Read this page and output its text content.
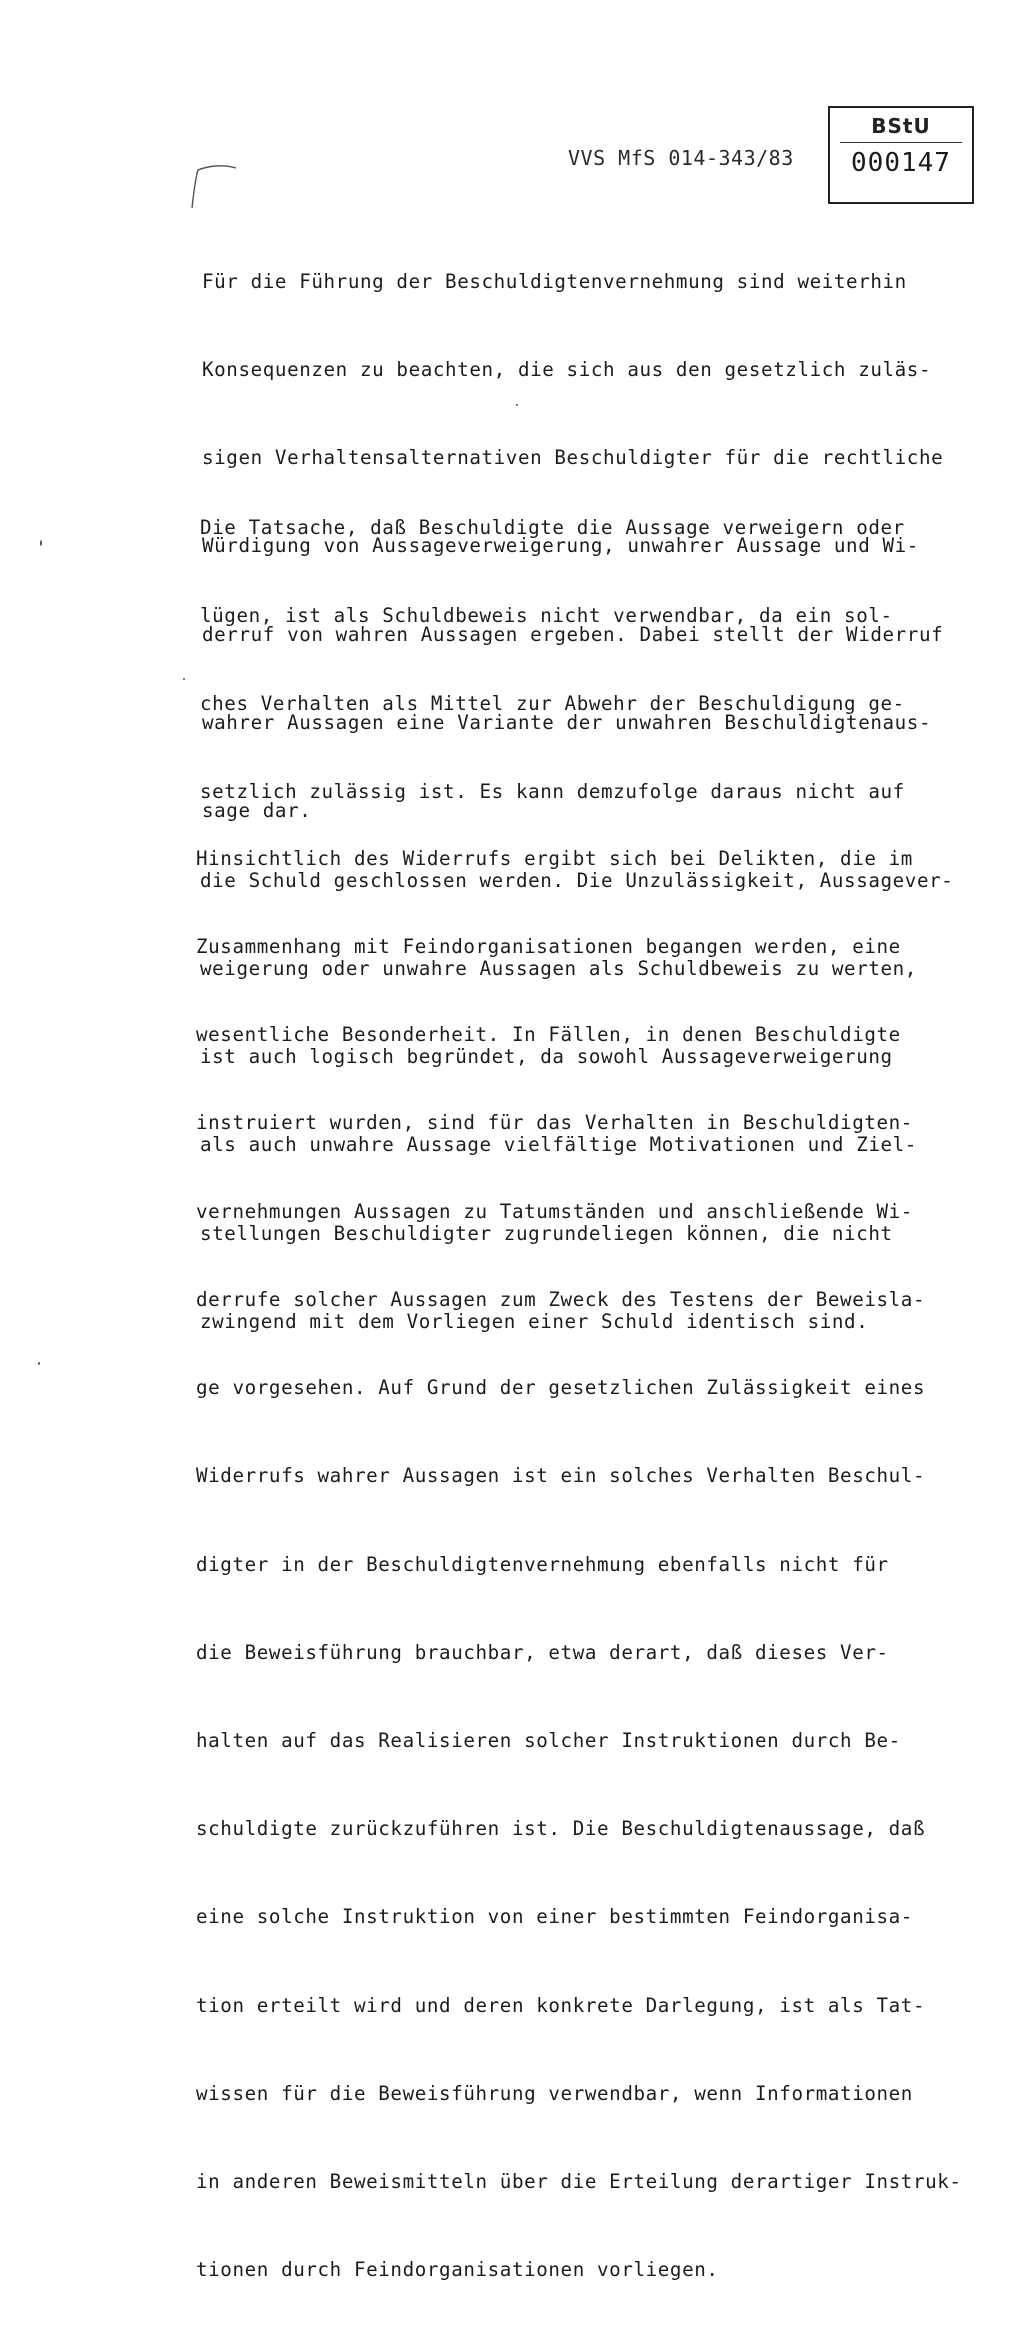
VVS MfS 014-343/83
BStU
000147

Für die Führung der Beschuldigtenvernehmung sind weiterhin

Konsequenzen zu beachten, die sich aus den gesetzlich zuläs-

sigen Verhaltensalternativen Beschuldigter für die rechtliche

Würdigung von Aussageverweigerung, unwahrer Aussage und Wi-

derruf von wahren Aussagen ergeben. Dabei stellt der Widerruf

wahrer Aussagen eine Variante der unwahren Beschuldigtenaus-

sage dar.

Die Tatsache, daß Beschuldigte die Aussage verweigern oder

lügen, ist als Schuldbeweis nicht verwendbar, da ein sol-

ches Verhalten als Mittel zur Abwehr der Beschuldigung ge-

setzlich zulässig ist. Es kann demzufolge daraus nicht auf

die Schuld geschlossen werden. Die Unzulässigkeit, Aussagever-

weigerung oder unwahre Aussagen als Schuldbeweis zu werten,

ist auch logisch begründet, da sowohl Aussageverweigerung

als auch unwahre Aussage vielfältige Motivationen und Ziel-

stellungen Beschuldigter zugrundeliegen können, die nicht

zwingend mit dem Vorliegen einer Schuld identisch sind.

Hinsichtlich des Widerrufs ergibt sich bei Delikten, die im

Zusammenhang mit Feindorganisationen begangen werden, eine

wesentliche Besonderheit. In Fällen, in denen Beschuldigte

instruiert wurden, sind für das Verhalten in Beschuldigten-

vernehmungen Aussagen zu Tatumständen und anschließende Wi-

derrufe solcher Aussagen zum Zweck des Testens der Beweisla-

ge vorgesehen. Auf Grund der gesetzlichen Zulässigkeit eines

Widerrufs wahrer Aussagen ist ein solches Verhalten Beschul-

digter in der Beschuldigtenvernehmung ebenfalls nicht für

die Beweisführung brauchbar, etwa derart, daß dieses Ver-

halten auf das Realisieren solcher Instruktionen durch Be-

schuldigte zurückzuführen ist. Die Beschuldigtenaussage, daß

eine solche Instruktion von einer bestimmten Feindorganisa-

tion erteilt wird und deren konkrete Darlegung, ist als Tat-

wissen für die Beweisführung verwendbar, wenn Informationen

in anderen Beweismitteln über die Erteilung derartiger Instruk-

tionen durch Feindorganisationen vorliegen.
